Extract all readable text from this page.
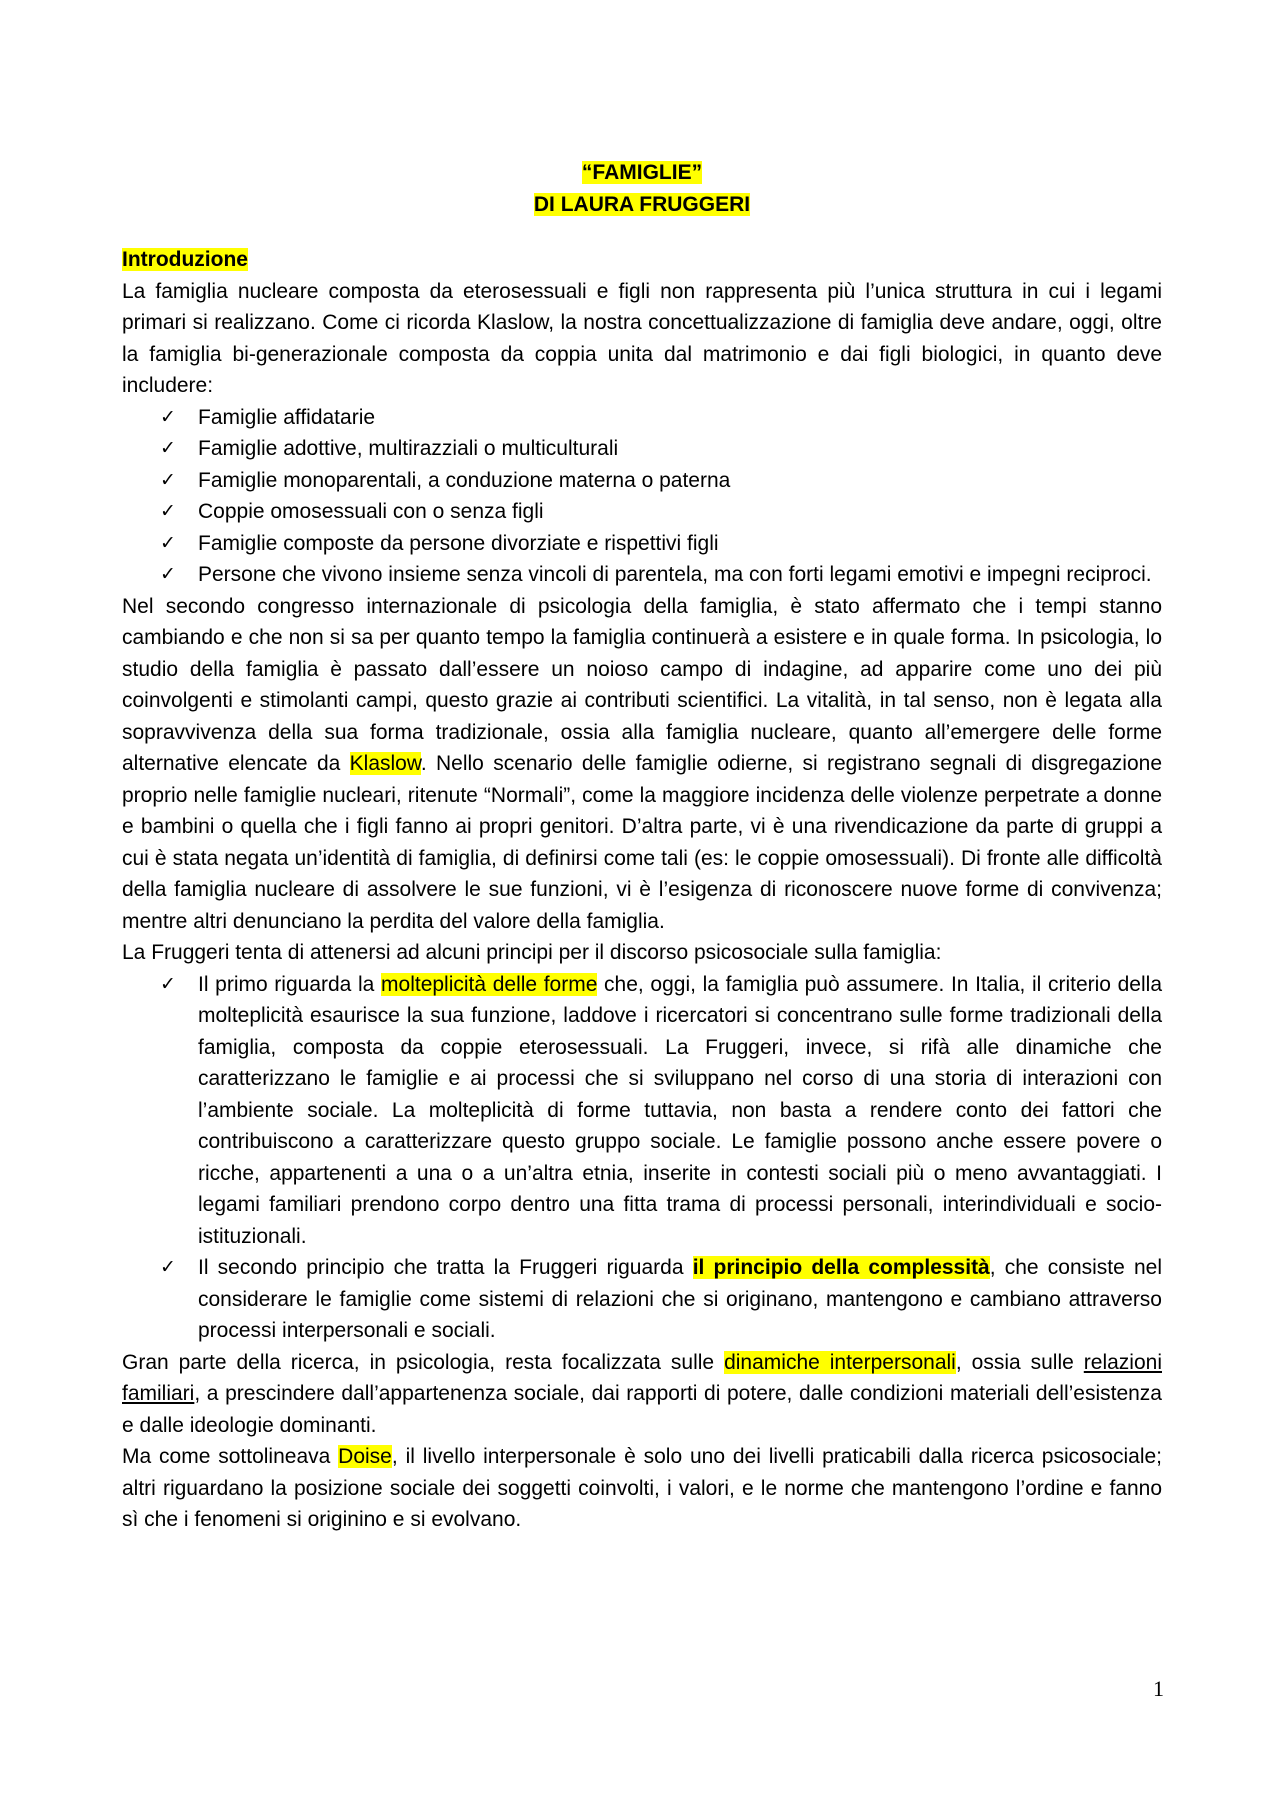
“FAMIGLIE”
DI LAURA FRUGGERI
Introduzione

La famiglia nucleare composta da eterosessuali e figli non rappresenta più l’unica struttura in cui i legami primari si realizzano. Come ci ricorda Klaslow, la nostra concettualizzazione di famiglia deve andare, oggi, oltre la famiglia bi-generazionale composta da coppia unita dal matrimonio e dai figli biologici, in quanto deve includere:

✓ Famiglie affidatarie
✓ Famiglie adottive, multirazziali o multiculturali
✓ Famiglie monoparentali, a conduzione materna o paterna
✓ Coppie omosessuali con o senza figli
✓ Famiglie composte da persone divorziate e rispettivi figli
✓ Persone che vivono insieme senza vincoli di parentela, ma con forti legami emotivi e impegni reciproci.

Nel secondo congresso internazionale di psicologia della famiglia, è stato affermato che i tempi stanno cambiando e che non si sa per quanto tempo la famiglia continuerà a esistere e in quale forma. In psicologia, lo studio della famiglia è passato dall’essere un noioso campo di indagine, ad apparire come uno dei più coinvolgenti e stimolanti campi, questo grazie ai contributi scientifici. La vitalità, in tal senso, non è legata alla sopravvivenza della sua forma tradizionale, ossia alla famiglia nucleare, quanto all’emergere delle forme alternative elencate da Klaslow. Nello scenario delle famiglie odierne, si registrano segnali di disgregazione proprio nelle famiglie nucleari, ritenute “Normali”, come la maggiore incidenza delle violenze perpetrate a donne e bambini o quella che i figli fanno ai propri genitori. D’altra parte, vi è una rivendicazione da parte di gruppi a cui è stata negata un’identità di famiglia, di definirsi come tali (es: le coppie omosessuali). Di fronte alle difficoltà della famiglia nucleare di assolvere le sue funzioni, vi è l’esigenza di riconoscere nuove forme di convivenza; mentre altri denunciano la perdita del valore della famiglia.

La Fruggeri tenta di attenersi ad alcuni principi per il discorso psicosociale sulla famiglia:

✓ Il primo riguarda la molteplicità delle forme che, oggi, la famiglia può assumere. In Italia, il criterio della molteplicità esaurisce la sua funzione, laddove i ricercatori si concentrano sulle forme tradizionali della famiglia, composta da coppie eterosessuali. La Fruggeri, invece, si rifà alle dinamiche che caratterizzano le famiglie e ai processi che si sviluppano nel corso di una storia di interazioni con l’ambiente sociale. La molteplicità di forme tuttavia, non basta a rendere conto dei fattori che contribuiscono a caratterizzare questo gruppo sociale. Le famiglie possono anche essere povere o ricche, appartenenti a una o a un’altra etnia, inserite in contesti sociali più o meno avvantaggiati. I legami familiari prendono corpo dentro una fitta trama di processi personali, interindividuali e socio-istituzionali.
✓ Il secondo principio che tratta la Fruggeri riguarda il principio della complessità, che consiste nel considerare le famiglie come sistemi di relazioni che si originano, mantengono e cambiano attraverso processi interpersonali e sociali.

Gran parte della ricerca, in psicologia, resta focalizzata sulle dinamiche interpersonali, ossia sulle relazioni familiari, a prescindere dall’appartenenza sociale, dai rapporti di potere, dalle condizioni materiali dell’esistenza e dalle ideologie dominanti.

Ma come sottolineava Doise, il livello interpersonale è solo uno dei livelli praticabili dalla ricerca psicosociale; altri riguardano la posizione sociale dei soggetti coinvolti, i valori, e le norme che mantengono l’ordine e fanno sì che i fenomeni si originino e si evolvano.

1
